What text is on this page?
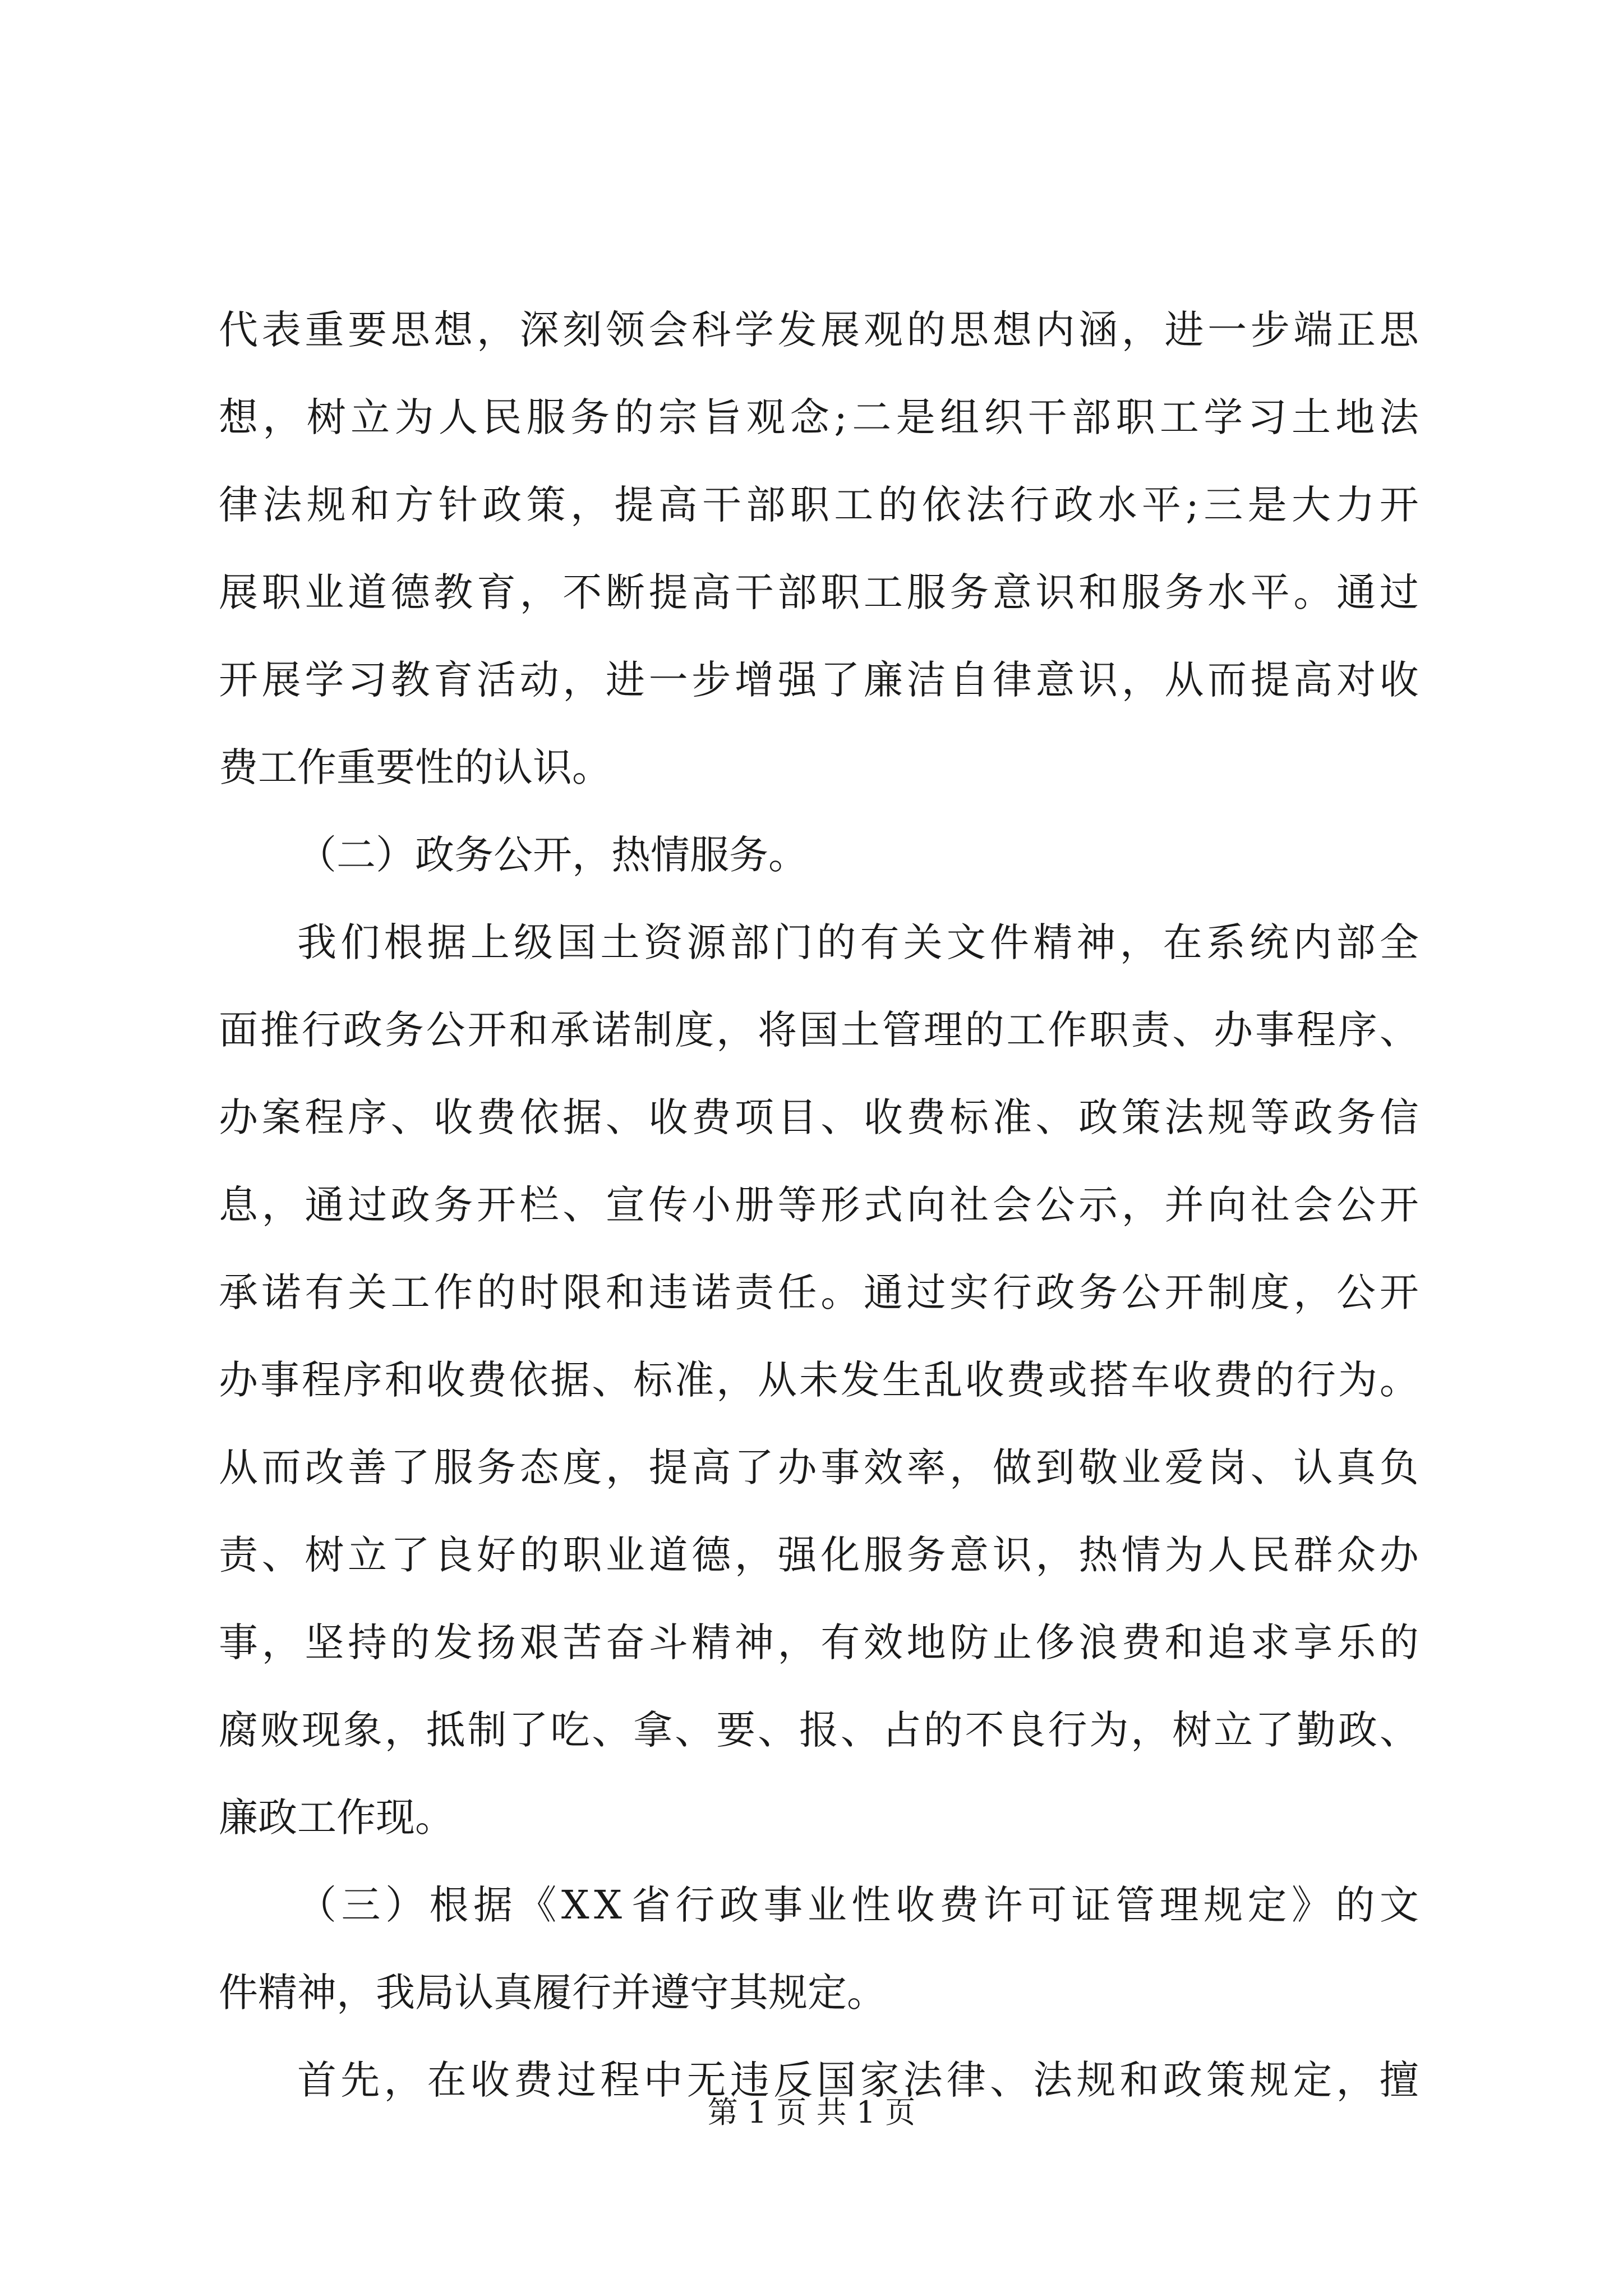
代 表 重 要 思 想 ， 深 刻 领 会 科 学 发 展 观 的 思 想 内 涵 ， 进 一 步 端 正 思
想 ， 树 立 为 人 民 服 务 的 宗 旨 观 念 ; 二 是 组 织 干 部 职 工 学 习 土 地 法
律 法 规 和 方 针 政 策 ， 提 高 干 部 职 工 的 依 法 行 政 水 平 ; 三 是 大 力 开
展 职 业 道 德 教 育 ， 不 断 提 高 干 部 职 工 服 务 意 识 和 服 务 水 平 。 通 过
开 展 学 习 教 育 活 动 ， 进 一 步 增 强 了 廉 洁 自 律 意 识 ， 从 而 提 高 对 收
费工作重要性的认识。
（二）政务公开，热情服务。
我 们 根 据 上 级 国 土 资 源 部 门 的 有 关 文 件 精 神 ， 在 系 统 内 部 全
面 推 行 政 务 公 开 和 承 诺 制 度 ， 将 国 土 管 理 的 工 作 职 责 、 办 事 程 序 、
办 案 程 序 、 收 费 依 据 、 收 费 项 目 、 收 费 标 准 、 政 策 法 规 等 政 务 信
息 ， 通 过 政 务 开 栏 、 宣 传 小 册 等 形 式 向 社 会 公 示 ， 并 向 社 会 公 开
承 诺 有 关 工 作 的 时 限 和 违 诺 责 任 。 通 过 实 行 政 务 公 开 制 度 ， 公 开
办 事 程 序 和 收 费 依 据 、 标 准 ， 从 未 发 生 乱 收 费 或 搭 车 收 费 的 行 为 。
从 而 改 善 了 服 务 态 度 ， 提 高 了 办 事 效 率 ， 做 到 敬 业 爱 岗 、 认 真 负
责 、 树 立 了 良 好 的 职 业 道 德 ， 强 化 服 务 意 识 ， 热 情 为 人 民 群 众 办
事 ， 坚 持 的 发 扬 艰 苦 奋 斗 精 神 ， 有 效 地 防 止 侈 浪 费 和 追 求 享 乐 的
腐 败 现 象 ， 抵 制 了 吃 、 拿 、 要 、 报 、 占 的 不 良 行 为 ， 树 立 了 勤 政 、
廉政工作现。
（ 三 ） 根 据 《 X X 省 行 政 事 业 性 收 费 许 可 证 管 理 规 定 》 的 文
件精神，我局认真履行并遵守其规定。
首 先 ， 在 收 费 过 程 中 无 违 反 国 家 法 律 、 法 规 和 政 策 规 定 ， 擅
第 1 页 共 1 页
